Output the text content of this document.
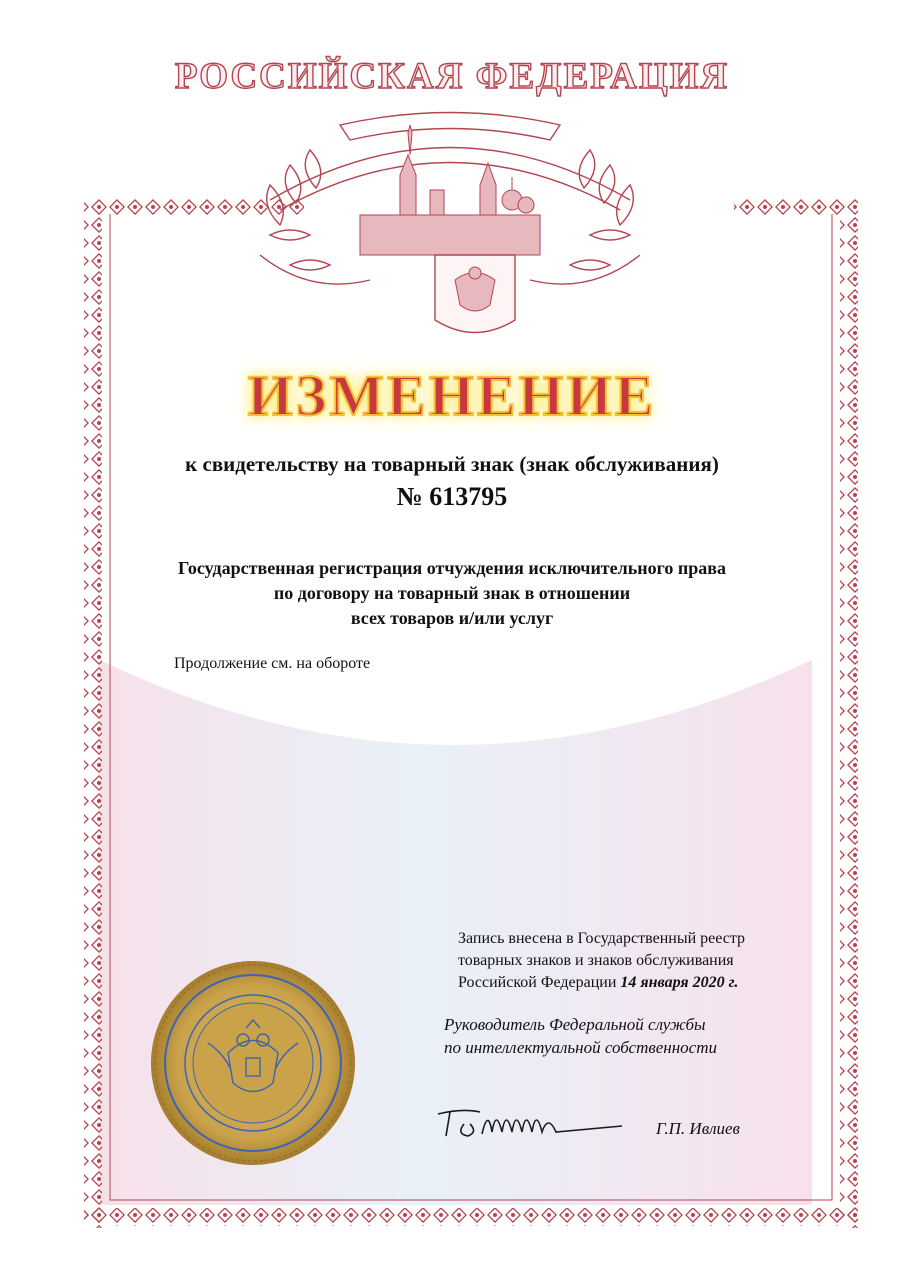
РОССИЙСКАЯ ФЕДЕРАЦИЯ
ИЗМЕНЕНИЕ
к свидетельству на товарный знак (знак обслуживания)
№ 613795
Государственная регистрация отчуждения исключительного права
по договору на товарный знак в отношении
всех товаров и/или услуг
Продолжение см. на обороте
Запись внесена в Государственный реестр
товарных знаков и знаков обслуживания
Российской Федерации 14 января 2020 г.
Руководитель Федеральной службы
по интеллектуальной собственности
Г.П. Ивлиев
